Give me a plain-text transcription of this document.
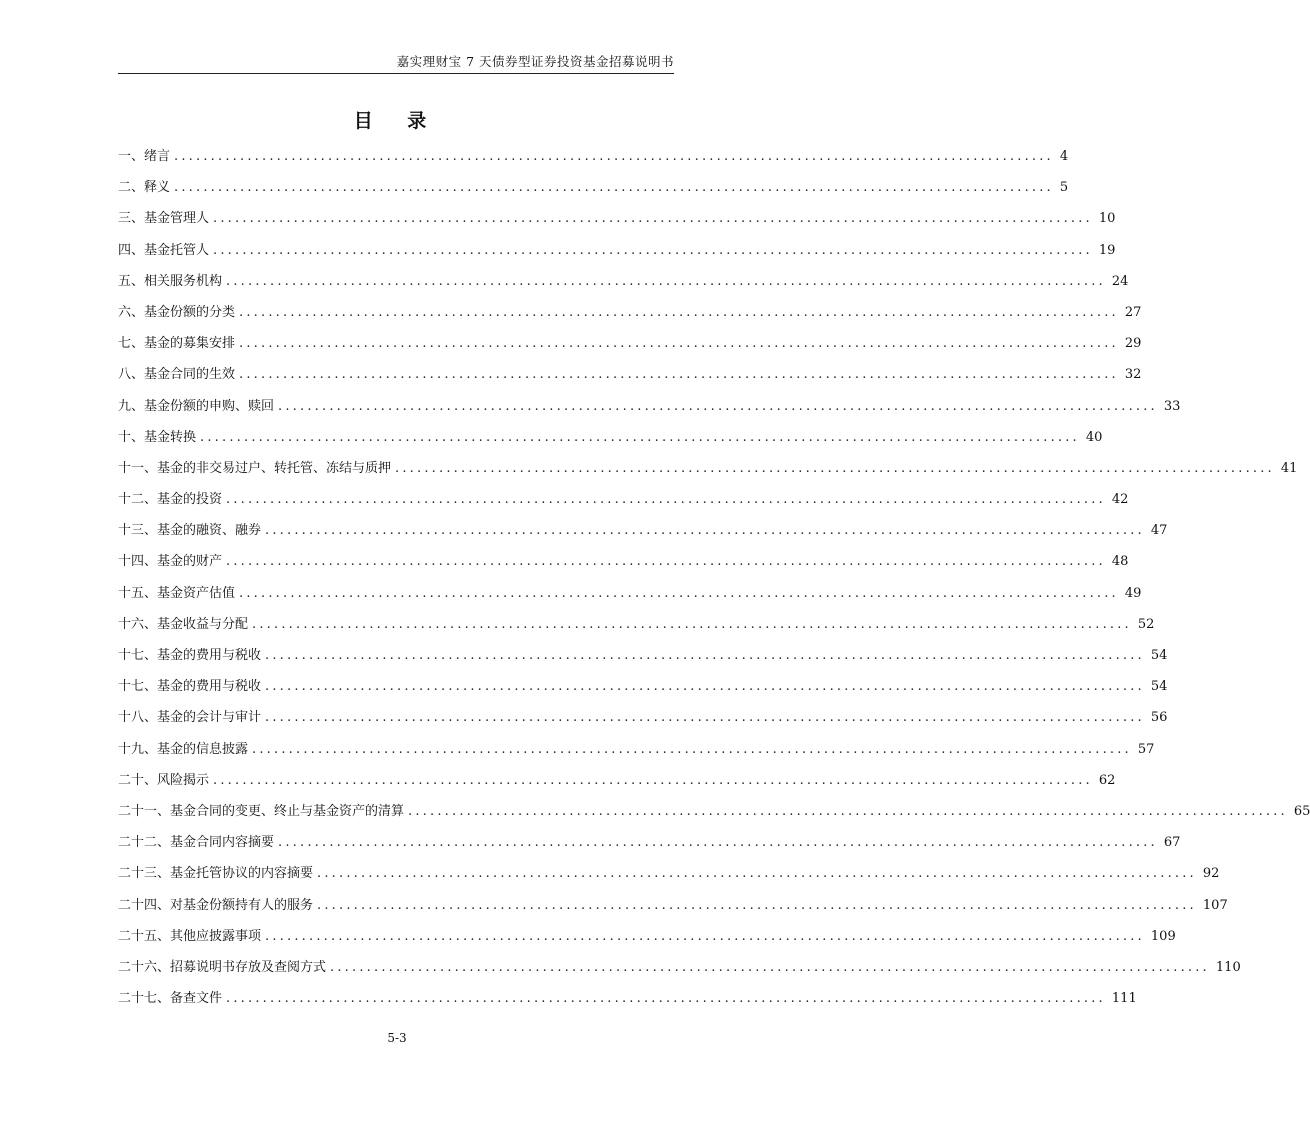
嘉实理财宝 7 天债券型证券投资基金招募说明书
目 录
一、绪言 ........................................................................................................................ 4
二、释义 ........................................................................................................................ 5
三、基金管理人 ........................................................................................................................ 10
四、基金托管人 ........................................................................................................................ 19
五、相关服务机构 ........................................................................................................................ 24
六、基金份额的分类 ........................................................................................................................ 27
七、基金的募集安排 ........................................................................................................................ 29
八、基金合同的生效 ........................................................................................................................ 32
九、基金份额的申购、赎回 ........................................................................................................................ 33
十、基金转换 ........................................................................................................................ 40
十一、基金的非交易过户、转托管、冻结与质押 ........................................................................................................................ 41
十二、基金的投资 ........................................................................................................................ 42
十三、基金的融资、融券 ........................................................................................................................ 47
十四、基金的财产 ........................................................................................................................ 48
十五、基金资产估值 ........................................................................................................................ 49
十六、基金收益与分配 ........................................................................................................................ 52
十七、基金的费用与税收 ........................................................................................................................ 54
十七、基金的费用与税收 ........................................................................................................................ 54
十八、基金的会计与审计 ........................................................................................................................ 56
十九、基金的信息披露 ........................................................................................................................ 57
二十、风险揭示 ........................................................................................................................ 62
二十一、基金合同的变更、终止与基金资产的清算 ........................................................................................................................ 65
二十二、基金合同内容摘要 ........................................................................................................................ 67
二十三、基金托管协议的内容摘要 ........................................................................................................................ 92
二十四、对基金份额持有人的服务 ........................................................................................................................ 107
二十五、其他应披露事项 ........................................................................................................................ 109
二十六、招募说明书存放及查阅方式 ........................................................................................................................ 110
二十七、备查文件 ........................................................................................................................ 111
5-3
